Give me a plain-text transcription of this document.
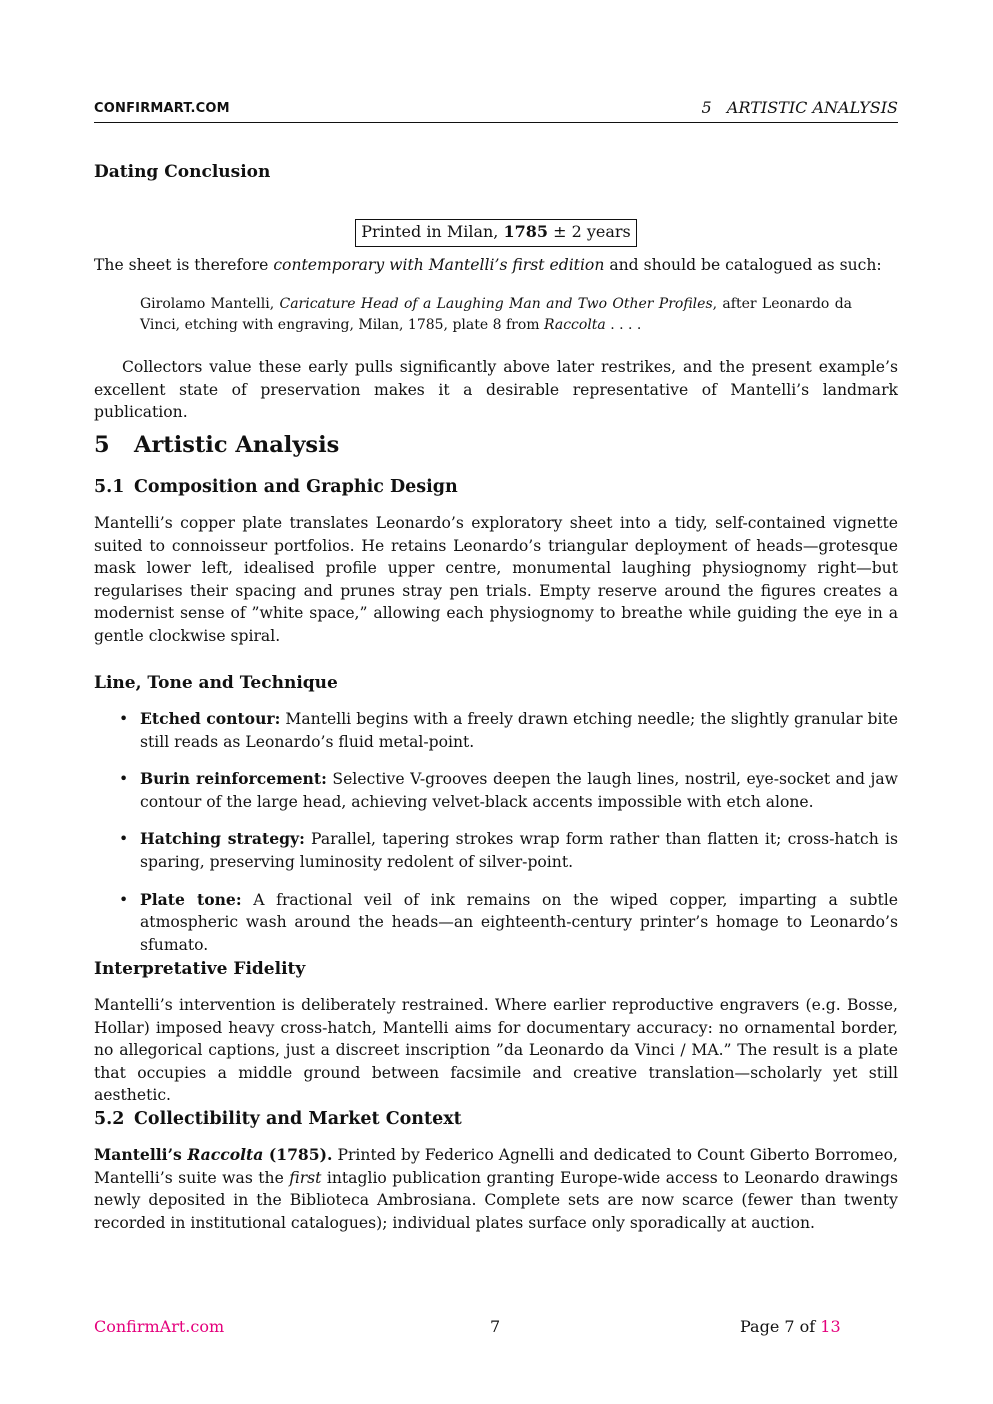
CONFIRMART.COM	5   ARTISTIC ANALYSIS

Dating Conclusion

Printed in Milan, 1785 ± 2 years

The sheet is therefore contemporary with Mantelli’s first edition and should be catalogued as such:

Girolamo Mantelli, Caricature Head of a Laughing Man and Two Other Profiles, after Leonardo da Vinci, etching with engraving, Milan, 1785, plate 8 from Raccolta . . . .

Collectors value these early pulls significantly above later restrikes, and the present example’s excellent state of preservation makes it a desirable representative of Mantelli’s landmark publication.

5 Artistic Analysis

5.1 Composition and Graphic Design

Mantelli’s copper plate translates Leonardo’s exploratory sheet into a tidy, self-contained vignette suited to connoisseur portfolios. He retains Leonardo’s triangular deployment of heads—grotesque mask lower left, idealised profile upper centre, monumental laughing physiognomy right—but regularises their spacing and prunes stray pen trials. Empty reserve around the figures creates a modernist sense of ”white space,” allowing each physiognomy to breathe while guiding the eye in a gentle clockwise spiral.

Line, Tone and Technique

• Etched contour: Mantelli begins with a freely drawn etching needle; the slightly granular bite still reads as Leonardo’s fluid metal-point.
• Burin reinforcement: Selective V-grooves deepen the laugh lines, nostril, eye-socket and jaw contour of the large head, achieving velvet-black accents impossible with etch alone.
• Hatching strategy: Parallel, tapering strokes wrap form rather than flatten it; cross-hatch is sparing, preserving luminosity redolent of silver-point.
• Plate tone: A fractional veil of ink remains on the wiped copper, imparting a subtle atmospheric wash around the heads—an eighteenth-century printer’s homage to Leonardo’s sfumato.

Interpretative Fidelity

Mantelli’s intervention is deliberately restrained. Where earlier reproductive engravers (e.g. Bosse, Hollar) imposed heavy cross-hatch, Mantelli aims for documentary accuracy: no ornamental border, no allegorical captions, just a discreet inscription ”da Leonardo da Vinci / MA.” The result is a plate that occupies a middle ground between facsimile and creative translation—scholarly yet still aesthetic.

5.2 Collectibility and Market Context

Mantelli’s Raccolta (1785). Printed by Federico Agnelli and dedicated to Count Giberto Borromeo, Mantelli’s suite was the first intaglio publication granting Europe-wide access to Leonardo drawings newly deposited in the Biblioteca Ambrosiana. Complete sets are now scarce (fewer than twenty recorded in institutional catalogues); individual plates surface only sporadically at auction.

ConfirmArt.com	7	Page 7 of 13
